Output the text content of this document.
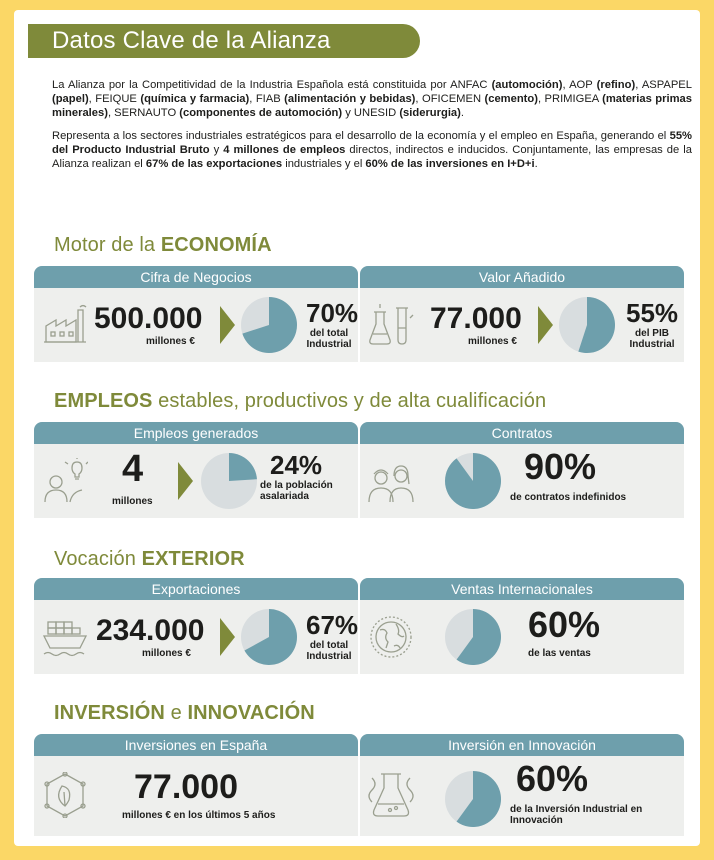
Datos Clave de la Alianza

La Alianza por la Competitividad de la Industria Española está constituida por ANFAC (automoción), AOP (refino), ASPAPEL (papel), FEIQUE (química y farmacia), FIAB (alimentación y bebidas), OFICEMEN (cemento), PRIMIGEA (materias primas minerales), SERNAUTO (componentes de automoción) y UNESID (siderurgia).

Representa a los sectores industriales estratégicos para el desarrollo de la economía y el empleo en España, generando el 55% del Producto Industrial Bruto y 4 millones de empleos directos, indirectos e inducidos. Conjuntamente, las empresas de la Alianza realizan el 67% de las exportaciones industriales y el 60% de las inversiones en I+D+i.

Motor de la ECONOMÍA
Cifra de Negocios
500.000
millones €
70%
del total Industrial
Valor Añadido
77.000
millones €
55%
del PIB Industrial
EMPLEOS estables, productivos y de alta cualificación
Empleos generados
4
millones
24%
de la población asalariada
Contratos
90%
de contratos indefinidos
Vocación EXTERIOR
Exportaciones
234.000
millones €
67%
del total Industrial
Ventas Internacionales
60%
de las ventas
INVERSIÓN e INNOVACIÓN
Inversiones en España
77.000
millones € en los últimos 5 años
Inversión en Innovación
60%
de la Inversión Industrial en Innovación
